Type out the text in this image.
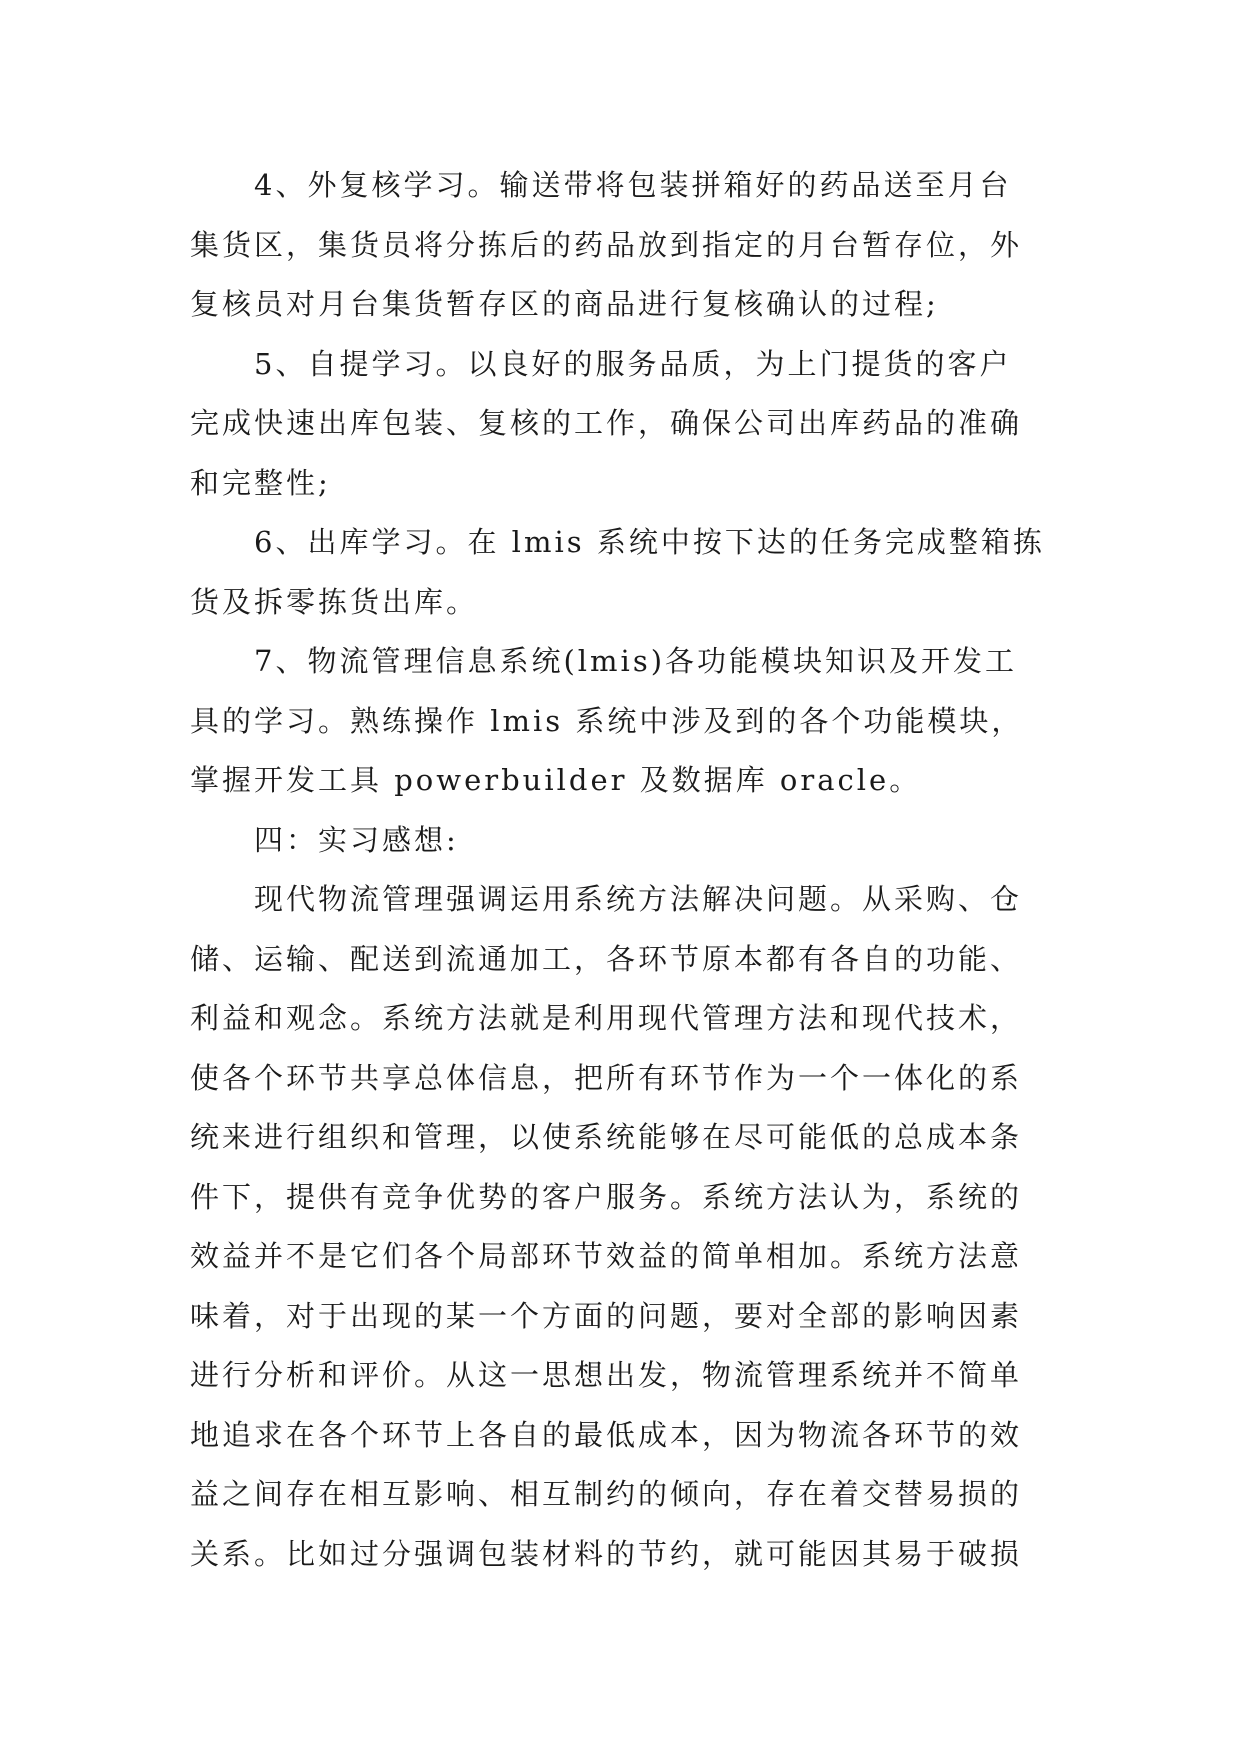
4、外复核学习。输送带将包装拼箱好的药品送至月台
集货区，集货员将分拣后的药品放到指定的月台暂存位，外
复核员对月台集货暂存区的商品进行复核确认的过程;
5、自提学习。以良好的服务品质，为上门提货的客户
完成快速出库包装、复核的工作，确保公司出库药品的准确
和完整性;
6、出库学习。在 lmis 系统中按下达的任务完成整箱拣
货及拆零拣货出库。
7、物流管理信息系统(lmis)各功能模块知识及开发工
具的学习。熟练操作 lmis 系统中涉及到的各个功能模块，
掌握开发工具 powerbuilder 及数据库 oracle。
四：实习感想:
现代物流管理强调运用系统方法解决问题。从采购、仓
储、运输、配送到流通加工，各环节原本都有各自的功能、
利益和观念。系统方法就是利用现代管理方法和现代技术，
使各个环节共享总体信息，把所有环节作为一个一体化的系
统来进行组织和管理，以使系统能够在尽可能低的总成本条
件下，提供有竞争优势的客户服务。系统方法认为，系统的
效益并不是它们各个局部环节效益的简单相加。系统方法意
味着，对于出现的某一个方面的问题，要对全部的影响因素
进行分析和评价。从这一思想出发，物流管理系统并不简单
地追求在各个环节上各自的最低成本，因为物流各环节的效
益之间存在相互影响、相互制约的倾向，存在着交替易损的
关系。比如过分强调包装材料的节约，就可能因其易于破损
